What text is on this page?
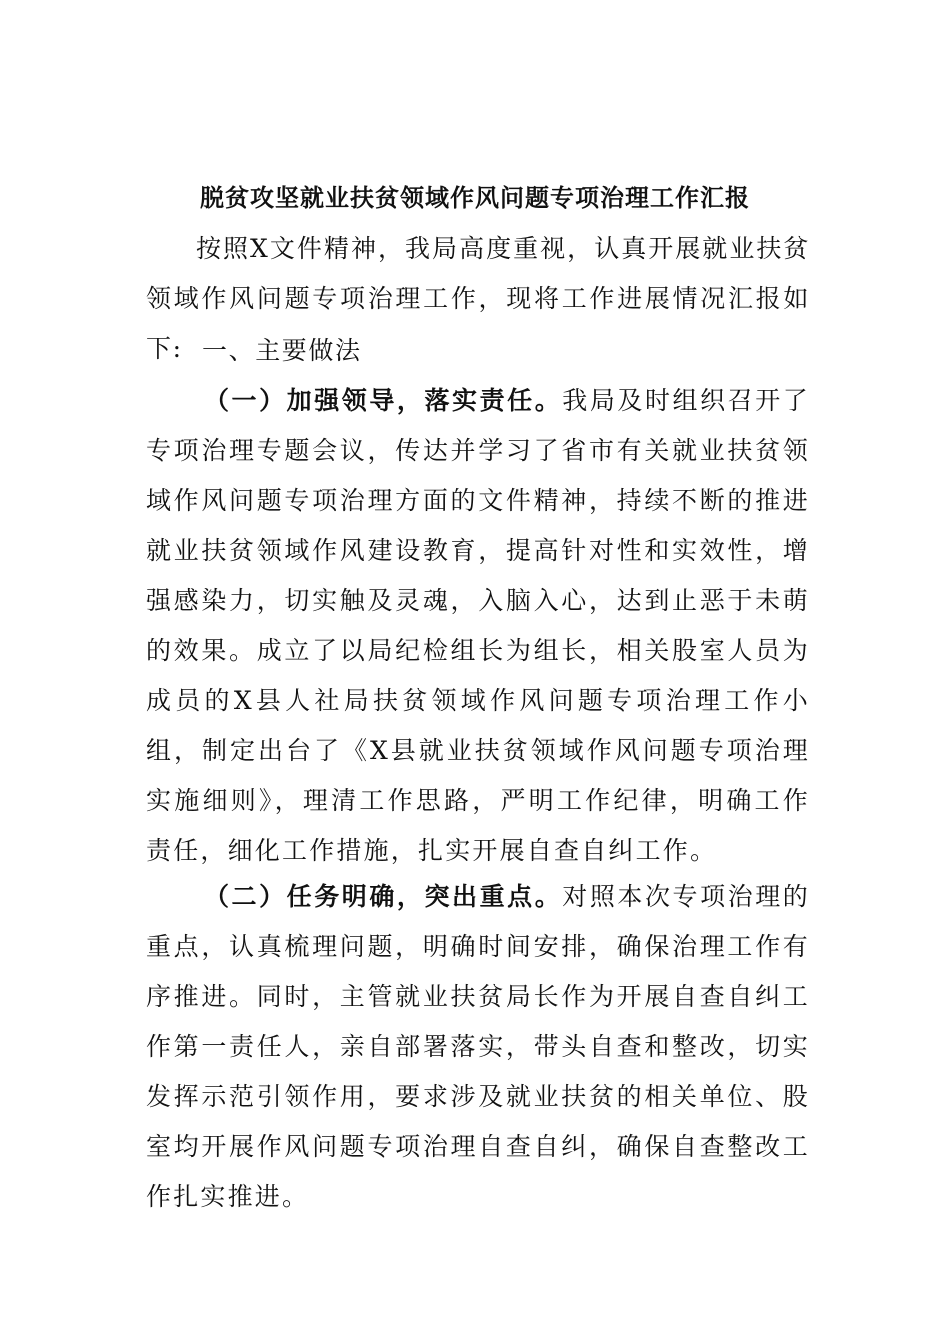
脱贫攻坚就业扶贫领域作风问题专项治理工作汇报

按照X文件精神，我局高度重视，认真开展就业扶贫领域作风问题专项治理工作，现将工作进展情况汇报如下: 一、主要做法

（一）加强领导，落实责任。我局及时组织召开了专项治理专题会议，传达并学习了省市有关就业扶贫领域作风问题专项治理方面的文件精神，持续不断的推进就业扶贫领域作风建设教育，提高针对性和实效性，增强感染力，切实触及灵魂，入脑入心，达到止恶于未萌的效果。成立了以局纪检组长为组长，相关股室人员为成员的X县人社局扶贫领域作风问题专项治理工作小组，制定出台了《X县就业扶贫领域作风问题专项治理实施细则》，理清工作思路，严明工作纪律，明确工作责任，细化工作措施，扎实开展自查自纠工作。

（二）任务明确，突出重点。对照本次专项治理的重点，认真梳理问题，明确时间安排，确保治理工作有序推进。同时，主管就业扶贫局长作为开展自查自纠工作第一责任人，亲自部署落实，带头自查和整改，切实发挥示范引领作用，要求涉及就业扶贫的相关单位、股室均开展作风问题专项治理自查自纠，确保自查整改工作扎实推进。
